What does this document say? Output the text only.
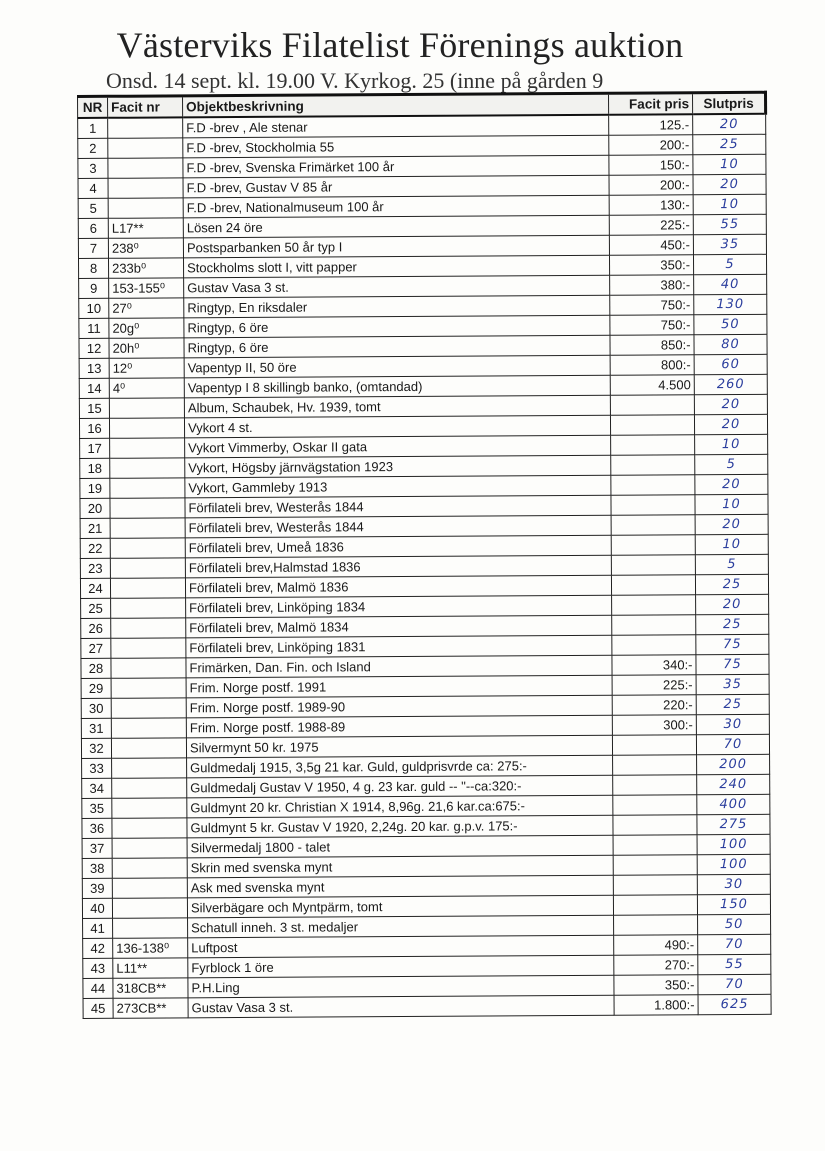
Västerviks Filatelist Förenings auktion
Onsd. 14 sept. kl. 19.00 V. Kyrkog. 25 (inne på gården 9
NR	Facit nr	Objektbeskrivning	Facit pris	Slutpris
1		F.D -brev , Ale stenar	125.-	20
2		F.D -brev, Stockholmia 55	200:-	25
3		F.D -brev, Svenska Frimärket 100 år	150:-	10
4		F.D -brev, Gustav V 85 år	200:-	20
5		F.D -brev, Nationalmuseum 100 år	130:-	10
6	L17**	Lösen 24 öre	225:-	55
7	238⁰	Postsparbanken 50 år typ I	450:-	35
8	233b⁰	Stockholms slott I, vitt papper	350:-	5
9	153-155⁰	Gustav Vasa 3 st.	380:-	40
10	27⁰	Ringtyp, En riksdaler	750:-	130
11	20g⁰	Ringtyp, 6 öre	750:-	50
12	20h⁰	Ringtyp, 6 öre	850:-	80
13	12⁰	Vapentyp II, 50 öre	800:-	60
14	4⁰	Vapentyp I 8 skillingb banko, (omtandad)	4.500	260
15		Album, Schaubek, Hv. 1939, tomt		20
16		Vykort 4 st.		20
17		Vykort Vimmerby, Oskar II gata		10
18		Vykort, Högsby järnvägstation 1923		5
19		Vykort, Gammleby 1913		20
20		Förfilateli brev, Westerås 1844		10
21		Förfilateli brev, Westerås 1844		20
22		Förfilateli brev, Umeå 1836		10
23		Förfilateli brev,Halmstad 1836		5
24		Förfilateli brev, Malmö 1836		25
25		Förfilateli brev, Linköping 1834		20
26		Förfilateli brev, Malmö 1834		25
27		Förfilateli brev, Linköping 1831		75
28		Frimärken, Dan. Fin. och Island	340:-	75
29		Frim. Norge postf. 1991	225:-	35
30		Frim. Norge postf. 1989-90	220:-	25
31		Frim. Norge postf. 1988-89	300:-	30
32		Silvermynt 50 kr. 1975		70
33		Guldmedalj 1915, 3,5g 21 kar. Guld, guldprisvrde ca: 275:-		200
34		Guldmedalj Gustav V 1950, 4 g. 23 kar. guld -- "--ca:320:-		240
35		Guldmynt 20 kr. Christian X 1914, 8,96g. 21,6 kar.ca:675:-		400
36		Guldmynt 5 kr. Gustav V 1920, 2,24g. 20 kar. g.p.v. 175:-		275
37		Silvermedalj 1800 - talet		100
38		Skrin med svenska mynt		100
39		Ask med svenska mynt		30
40		Silverbägare och Myntpärm, tomt		150
41		Schatull inneh. 3 st. medaljer		50
42	136-138⁰	Luftpost	490:-	70
43	L11**	Fyrblock 1 öre	270:-	55
44	318CB**	P.H.Ling	350:-	70
45	273CB**	Gustav Vasa 3 st.	1.800:-	625
